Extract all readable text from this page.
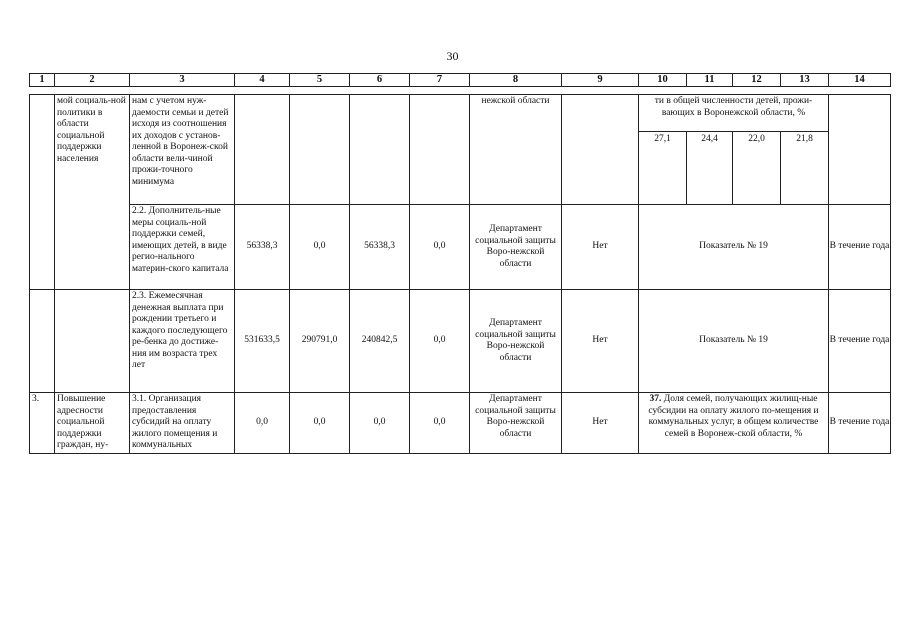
30
1	2	3	4	5	6	7	8	9	10	11	12	13	14

	мой социаль-ной политики в области социальной поддержки населения	нам с учетом нуж-даемости семьи и детей исходя из соотношения их доходов с установ-ленной в Воронеж-ской области вели-чиной прожи-точного минимума					нежской области		ти в общей численности детей, прожи-вающих в Воронежской области, %				
									27,1	24,4	22,0	21,8	
		2.2. Дополнитель-ные меры социаль-ной поддержки семей, имеющих детей, в виде регио-нального материн-ского капитала	56338,3	0,0	56338,3	0,0	Департамент социальной защиты Воро-нежской области	Нет	Показатель № 19				В течение года
		2.3. Ежемесячная денежная выплата при рождении третьего и каждого последующего ре-бенка до достиже-ния им возраста трех лет	531633,5	290791,0	240842,5	0,0	Департамент социальной защиты Воро-нежской области	Нет	Показатель № 19				В течение года
3.	Повышение адресности социальной поддержки граждан, ну-	3.1. Организация предоставления субсидий на оплату жилого помещения и коммунальных	0,0	0,0	0,0	0,0	Департамент социальной защиты Воро-нежской области	Нет	37. Доля семей, получающих жилищ-ные субсидии на оплату жилого по-мещения и коммунальных услуг, в общем количестве семей в Воронеж-ской области, %				В течение года
